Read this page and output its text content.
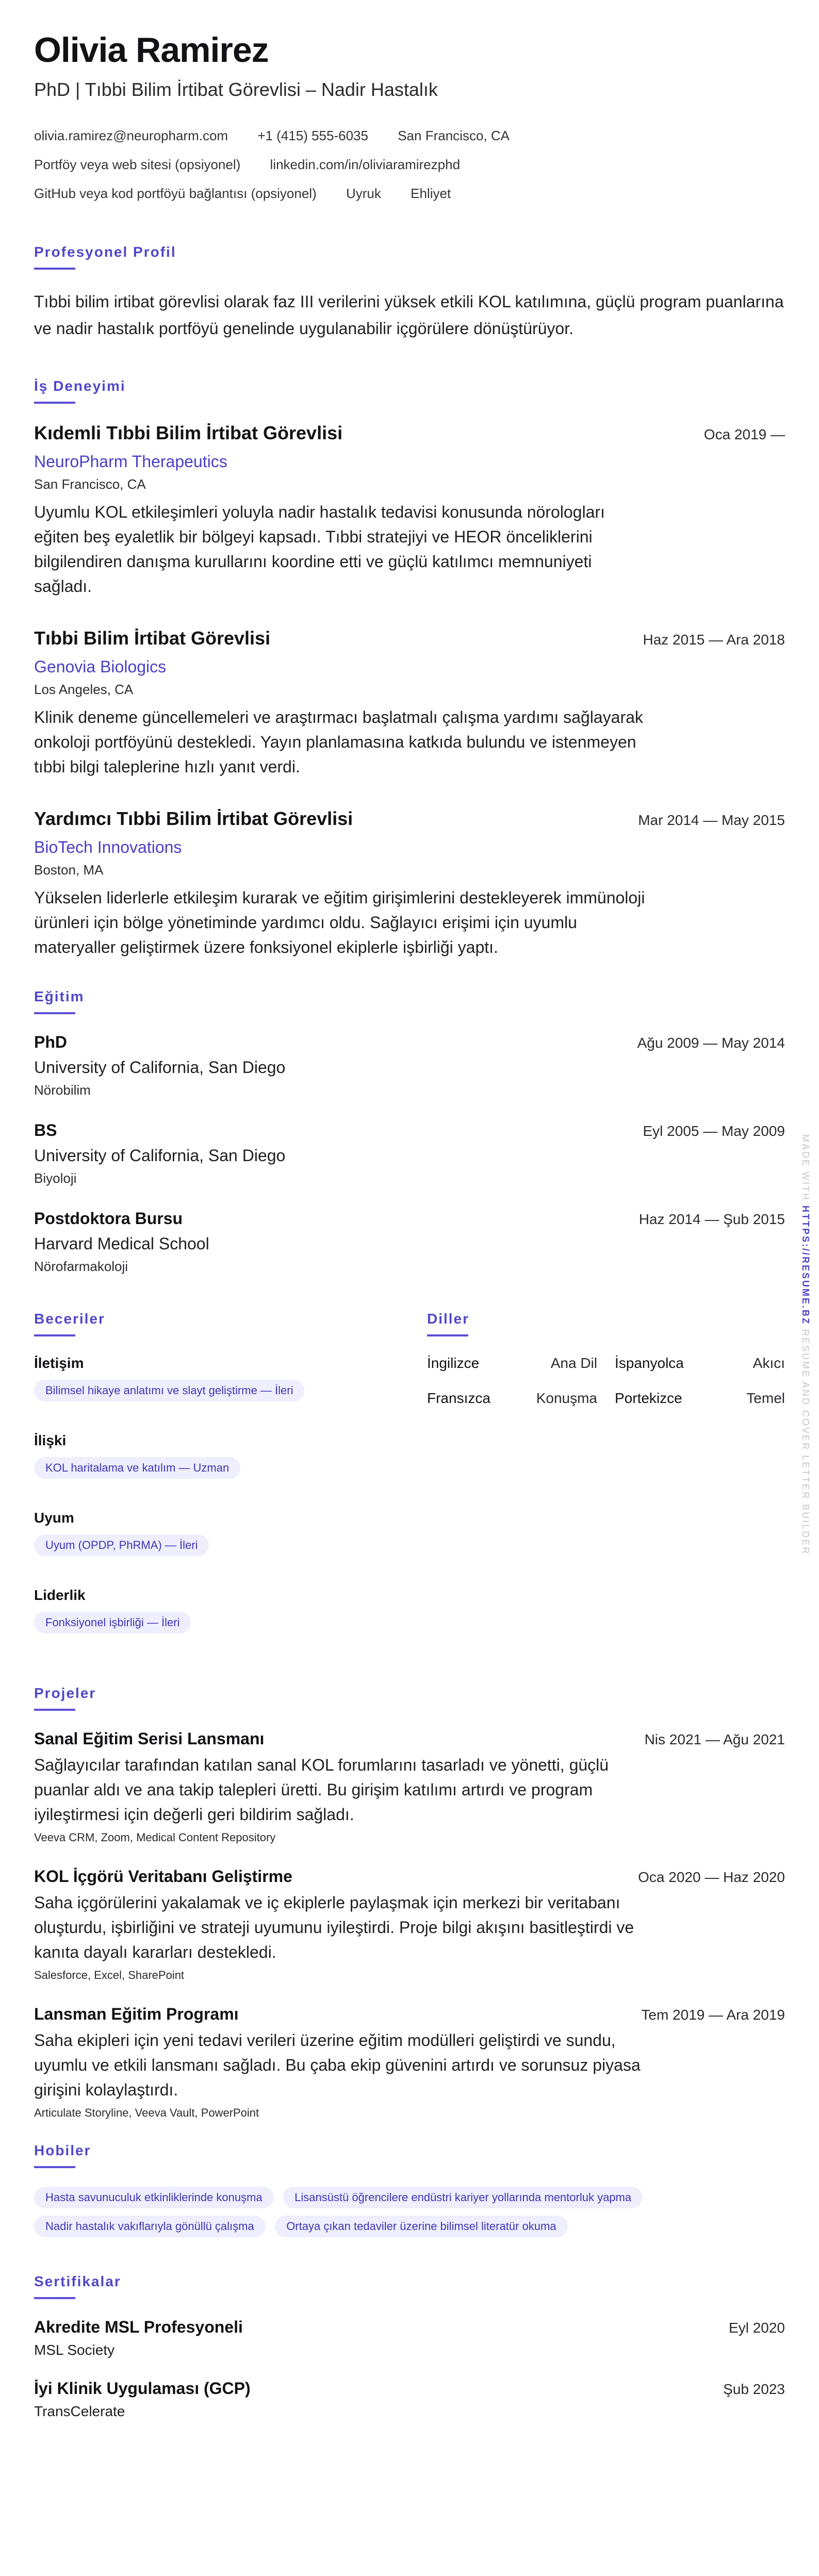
Olivia Ramirez
PhD | Tıbbi Bilim İrtibat Görevlisi – Nadir Hastalık
olivia.ramirez@neuropharm.com +1 (415) 555-6035 San Francisco, CA
Portföy veya web sitesi (opsiyonel) linkedin.com/in/oliviaramirezphd
GitHub veya kod portföyü bağlantısı (opsiyonel) Uyruk Ehliyet
Profesyonel Profil
Tıbbi bilim irtibat görevlisi olarak faz III verilerini yüksek etkili KOL katılımına, güçlü program puanlarına ve nadir hastalık portföyü genelinde uygulanabilir içgörülere dönüştürüyor.
İş Deneyimi
Kıdemli Tıbbi Bilim İrtibat Görevlisi	Oca 2019 —
NeuroPharm Therapeutics
San Francisco, CA
Uyumlu KOL etkileşimleri yoluyla nadir hastalık tedavisi konusunda nörologları eğiten beş eyaletlik bir bölgeyi kapsadı. Tıbbi stratejiyi ve HEOR önceliklerini bilgilendiren danışma kurullarını koordine etti ve güçlü katılımcı memnuniyeti sağladı.
Tıbbi Bilim İrtibat Görevlisi	Haz 2015 — Ara 2018
Genovia Biologics
Los Angeles, CA
Klinik deneme güncellemeleri ve araştırmacı başlatmalı çalışma yardımı sağlayarak onkoloji portföyünü destekledi. Yayın planlamasına katkıda bulundu ve istenmeyen tıbbi bilgi taleplerine hızlı yanıt verdi.
Yardımcı Tıbbi Bilim İrtibat Görevlisi	Mar 2014 — May 2015
BioTech Innovations
Boston, MA
Yükselen liderlerle etkileşim kurarak ve eğitim girişimlerini destekleyerek immünoloji ürünleri için bölge yönetiminde yardımcı oldu. Sağlayıcı erişimi için uyumlu materyaller geliştirmek üzere fonksiyonel ekiplerle işbirliği yaptı.
Eğitim
PhD	Ağu 2009 — May 2014
University of California, San Diego
Nörobilim
BS	Eyl 2005 — May 2009
University of California, San Diego
Biyoloji
Postdoktora Bursu	Haz 2014 — Şub 2015
Harvard Medical School
Nörofarmakoloji
Beceriler
İletişim
Bilimsel hikaye anlatımı ve slayt geliştirme — İleri
İlişki
KOL haritalama ve katılım — Uzman
Uyum
Uyum (OPDP, PhRMA) — İleri
Liderlik
Fonksiyonel işbirliği — İleri
Diller
İngilizce	Ana Dil İspanyolca	Akıcı
Fransızca	Konuşma Portekizce	Temel
Projeler
Sanal Eğitim Serisi Lansmanı	Nis 2021 — Ağu 2021
Sağlayıcılar tarafından katılan sanal KOL forumlarını tasarladı ve yönetti, güçlü puanlar aldı ve ana takip talepleri üretti. Bu girişim katılımı artırdı ve program iyileştirmesi için değerli geri bildirim sağladı.
Veeva CRM, Zoom, Medical Content Repository
KOL İçgörü Veritabanı Geliştirme	Oca 2020 — Haz 2020
Saha içgörülerini yakalamak ve iç ekiplerle paylaşmak için merkezi bir veritabanı oluşturdu, işbirliğini ve strateji uyumunu iyileştirdi. Proje bilgi akışını basitleştirdi ve kanıta dayalı kararları destekledi.
Salesforce, Excel, SharePoint
Lansman Eğitim Programı	Tem 2019 — Ara 2019
Saha ekipleri için yeni tedavi verileri üzerine eğitim modülleri geliştirdi ve sundu, uyumlu ve etkili lansmanı sağladı. Bu çaba ekip güvenini artırdı ve sorunsuz piyasa girişini kolaylaştırdı.
Articulate Storyline, Veeva Vault, PowerPoint
Hobiler
Hasta savunuculuk etkinliklerinde konuşma	Lisansüstü öğrencilere endüstri kariyer yollarında mentorluk yapma
Nadir hastalık vakıflarıyla gönüllü çalışma	Ortaya çıkan tedaviler üzerine bilimsel literatür okuma
Sertifikalar
Akredite MSL Profesyoneli	Eyl 2020
MSL Society
İyi Klinik Uygulaması (GCP)	Şub 2023
TransCelerate
MADE WITH HTTPS://RESUME.BZ RESUME AND COVER LETTER BUILDER
